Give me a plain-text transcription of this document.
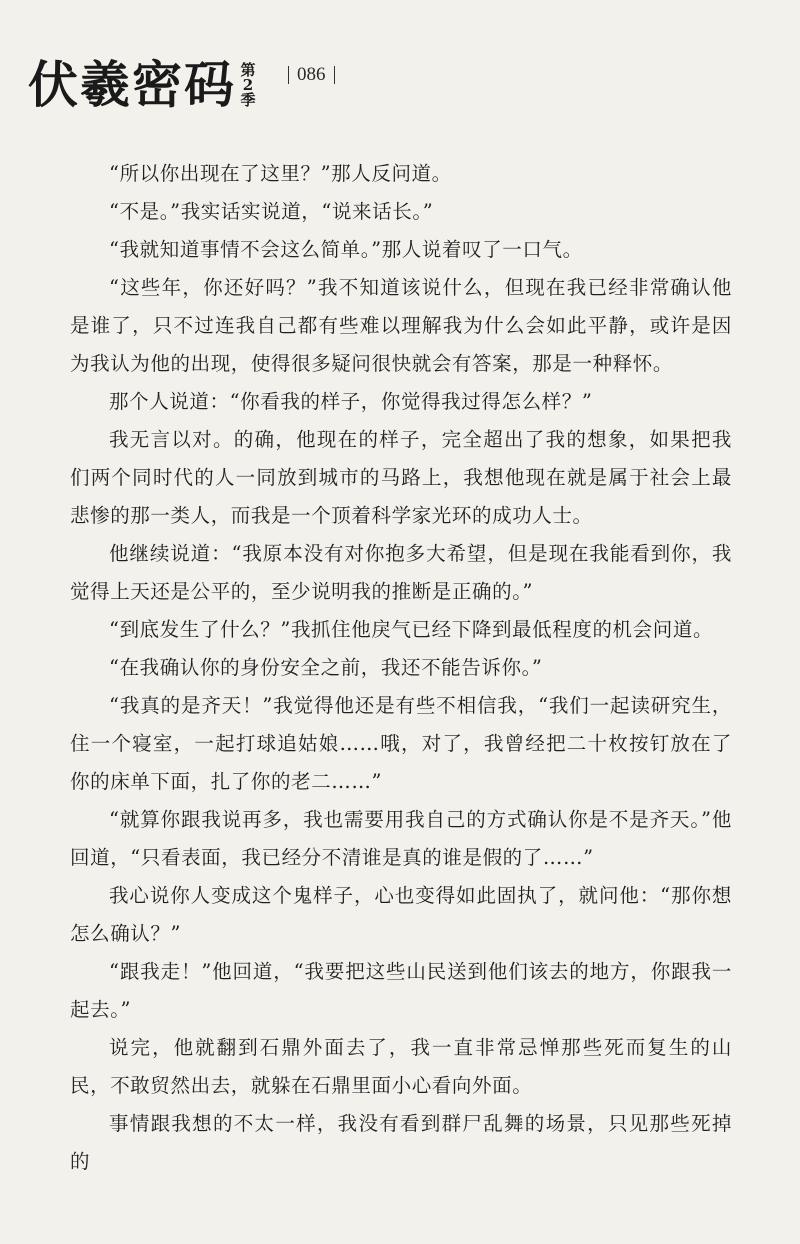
伏羲密码 第2季
086

“所以你出现在了这里？”那人反问道。

“不是。”我实话实说道，“说来话长。”

“我就知道事情不会这么简单。”那人说着叹了一口气。

“这些年，你还好吗？”我不知道该说什么，但现在我已经非常确认他是谁了，只不过连我自己都有些难以理解我为什么会如此平静，或许是因为我认为他的出现，使得很多疑问很快就会有答案，那是一种释怀。

那个人说道：“你看我的样子，你觉得我过得怎么样？”

我无言以对。的确，他现在的样子，完全超出了我的想象，如果把我们两个同时代的人一同放到城市的马路上，我想他现在就是属于社会上最悲惨的那一类人，而我是一个顶着科学家光环的成功人士。

他继续说道：“我原本没有对你抱多大希望，但是现在我能看到你，我觉得上天还是公平的，至少说明我的推断是正确的。”

“到底发生了什么？”我抓住他戾气已经下降到最低程度的机会问道。

“在我确认你的身份安全之前，我还不能告诉你。”

“我真的是齐天！”我觉得他还是有些不相信我，“我们一起读研究生，住一个寝室，一起打球追姑娘……哦，对了，我曾经把二十枚按钉放在了你的床单下面，扎了你的老二……”

“就算你跟我说再多，我也需要用我自己的方式确认你是不是齐天。”他回道，“只看表面，我已经分不清谁是真的谁是假的了……”

我心说你人变成这个鬼样子，心也变得如此固执了，就问他：“那你想怎么确认？”

“跟我走！”他回道，“我要把这些山民送到他们该去的地方，你跟我一起去。”

说完，他就翻到石鼎外面去了，我一直非常忌惮那些死而复生的山民，不敢贸然出去，就躲在石鼎里面小心看向外面。

事情跟我想的不太一样，我没有看到群尸乱舞的场景，只见那些死掉的
